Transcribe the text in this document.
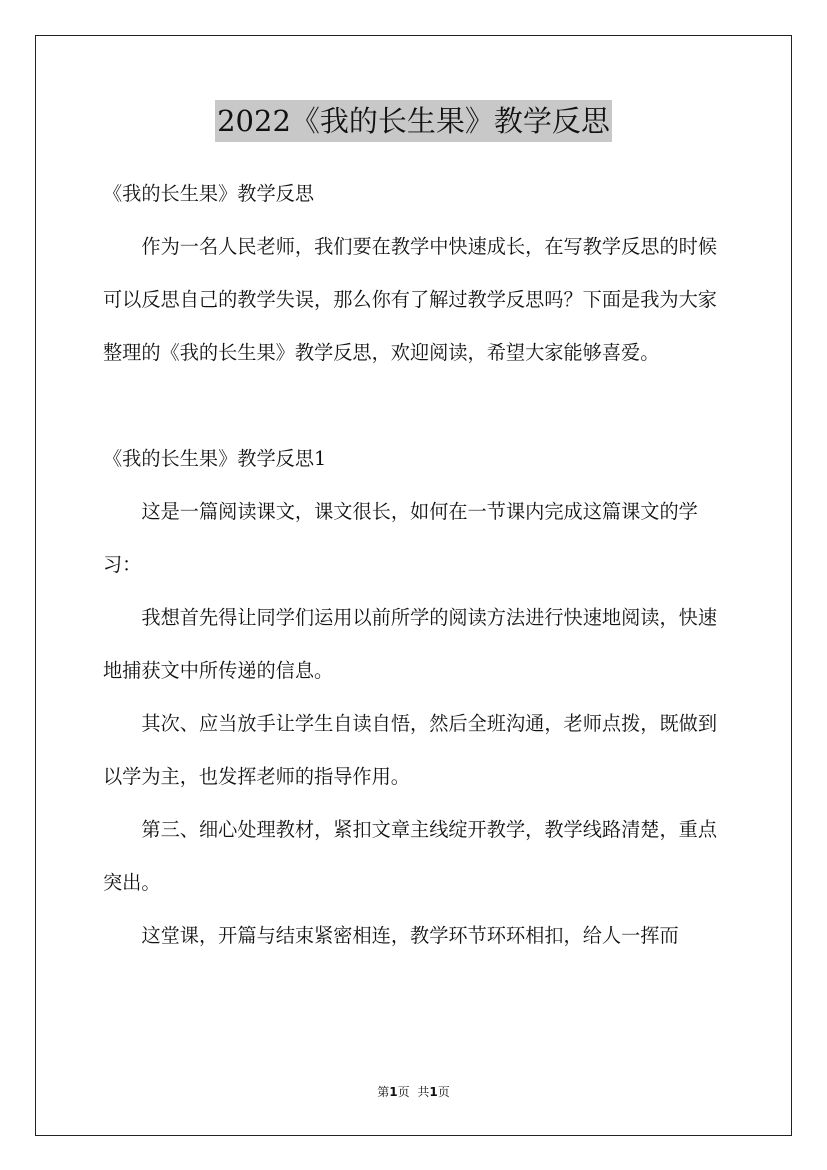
2022《我的长生果》教学反思

《我的长生果》教学反思

作为一名人民老师，我们要在教学中快速成长，在写教学反思的时候可以反思自己的教学失误，那么你有了解过教学反思吗？下面是我为大家整理的《我的长生果》教学反思，欢迎阅读，希望大家能够喜爱。

《我的长生果》教学反思1

这是一篇阅读课文，课文很长，如何在一节课内完成这篇课文的学习：

我想首先得让同学们运用以前所学的阅读方法进行快速地阅读，快速地捕获文中所传递的信息。

其次、应当放手让学生自读自悟，然后全班沟通，老师点拨，既做到以学为主，也发挥老师的指导作用。

第三、细心处理教材，紧扣文章主线绽开教学，教学线路清楚，重点突出。

这堂课，开篇与结束紧密相连，教学环节环环相扣，给人一挥而

第1页 共1页
